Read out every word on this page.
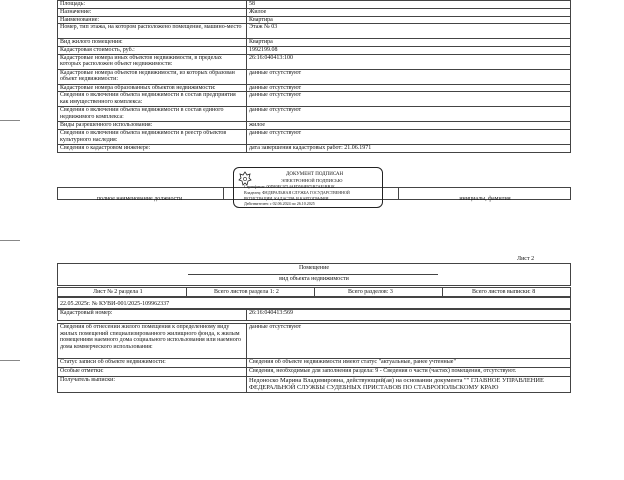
Площадь:	58
Назначение:	Жилое
Наименование:	Квартира
Номер, тип этажа, на котором расположено помещение, машино-место	Этаж № 03
Вид жилого помещения:	Квартира
Кадастровая стоимость, руб.:	1992199.08
Кадастровые номера иных объектов недвижимости, в пределах которых расположен объект недвижимости:	26:16:040413:100
Кадастровые номера объектов недвижимости, из которых образован объект недвижимости:	данные отсутствуют
Кадастровые номера образованных объектов недвижимости:	данные отсутствуют
Сведения о включении объекта недвижимости в состав предприятия как имущественного комплекса:	данные отсутствуют
Сведения о включении объекта недвижимости в состав единого недвижимого комплекса:	данные отсутствуют
Виды разрешенного использования:	жилое
Сведения о включении объекта недвижимости в реестр объектов культурного наследия:	данные отсутствуют
Сведения о кадастровом инженере:	дата завершения кадастровых работ: 21.06.1971
полное наименование должности	инициалы, фамилия
ДОКУМЕНТ ПОДПИСАН
ЭЛЕКТРОННОЙ ПОДПИСЬЮ
Сертификат: 00DF0EC0714AFD584F971B7AE1BB1E
Владелец: ФЕДЕРАЛЬНАЯ СЛУЖБА ГОСУДАРСТВЕННОЙ
РЕГИСТРАЦИИ, КАДАСТРА И КАРТОГРАФИИ
Действителен: с 02.06.2024 по 26.10.2025
Лист 2
Помещение
вид объекта недвижимости
Лист № 2 раздела 1	Всего листов раздела 1: 2	Всего разделов: 3	Всего листов выписки: 8
22.05.2025г. № КУВИ-001/2025-109962337
Кадастровый номер:	26:16:040413:569
Сведения об отнесении жилого помещения к определенному виду жилых помещений специализированного жилищного фонда, к жилым помещениям наемного дома социального использования или наемного дома коммерческого использования:	данные отсутствуют
Статус записи об объекте недвижимости:	Сведения об объекте недвижимости имеют статус "актуальные, ранее учтенные"
Особые отметки:	Сведения, необходимые для заполнения раздела: 9 - Сведения о части (частях) помещения, отсутствуют.
Получатель выписки:	Недоноско Марина Владимировна, действующий(ая) на основании документа "" ГЛАВНОЕ УПРАВЛЕНИЕ ФЕДЕРАЛЬНОЙ СЛУЖБЫ СУДЕБНЫХ ПРИСТАВОВ ПО СТАВРОПОЛЬСКОМУ КРАЮ
